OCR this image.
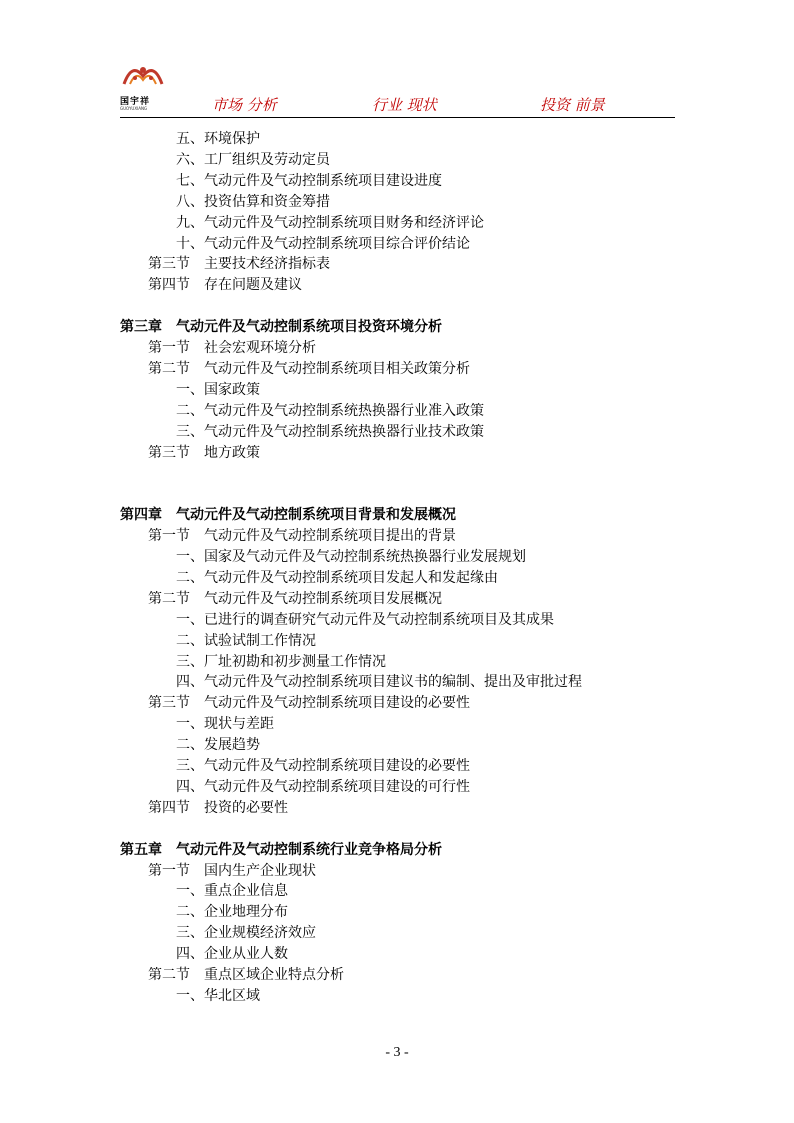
国宇祥
GUOYUXIANG	市场 分析	行业 现状	投资 前景
五、环境保护
六、工厂组织及劳动定员
七、气动元件及气动控制系统项目建设进度
八、投资估算和资金筹措
九、气动元件及气动控制系统项目财务和经济评论
十、气动元件及气动控制系统项目综合评价结论
第三节　主要技术经济指标表
第四节　存在问题及建议
第三章　气动元件及气动控制系统项目投资环境分析
第一节　社会宏观环境分析
第二节　气动元件及气动控制系统项目相关政策分析
一、国家政策
二、气动元件及气动控制系统热换器行业准入政策
三、气动元件及气动控制系统热换器行业技术政策
第三节　地方政策
第四章　气动元件及气动控制系统项目背景和发展概况
第一节　气动元件及气动控制系统项目提出的背景
一、国家及气动元件及气动控制系统热换器行业发展规划
二、气动元件及气动控制系统项目发起人和发起缘由
第二节　气动元件及气动控制系统项目发展概况
一、已进行的调查研究气动元件及气动控制系统项目及其成果
二、试验试制工作情况
三、厂址初勘和初步测量工作情况
四、气动元件及气动控制系统项目建议书的编制、提出及审批过程
第三节　气动元件及气动控制系统项目建设的必要性
一、现状与差距
二、发展趋势
三、气动元件及气动控制系统项目建设的必要性
四、气动元件及气动控制系统项目建设的可行性
第四节　投资的必要性
第五章　气动元件及气动控制系统行业竞争格局分析
第一节　国内生产企业现状
一、重点企业信息
二、企业地理分布
三、企业规模经济效应
四、企业从业人数
第二节　重点区域企业特点分析
一、华北区域
- 3 -
